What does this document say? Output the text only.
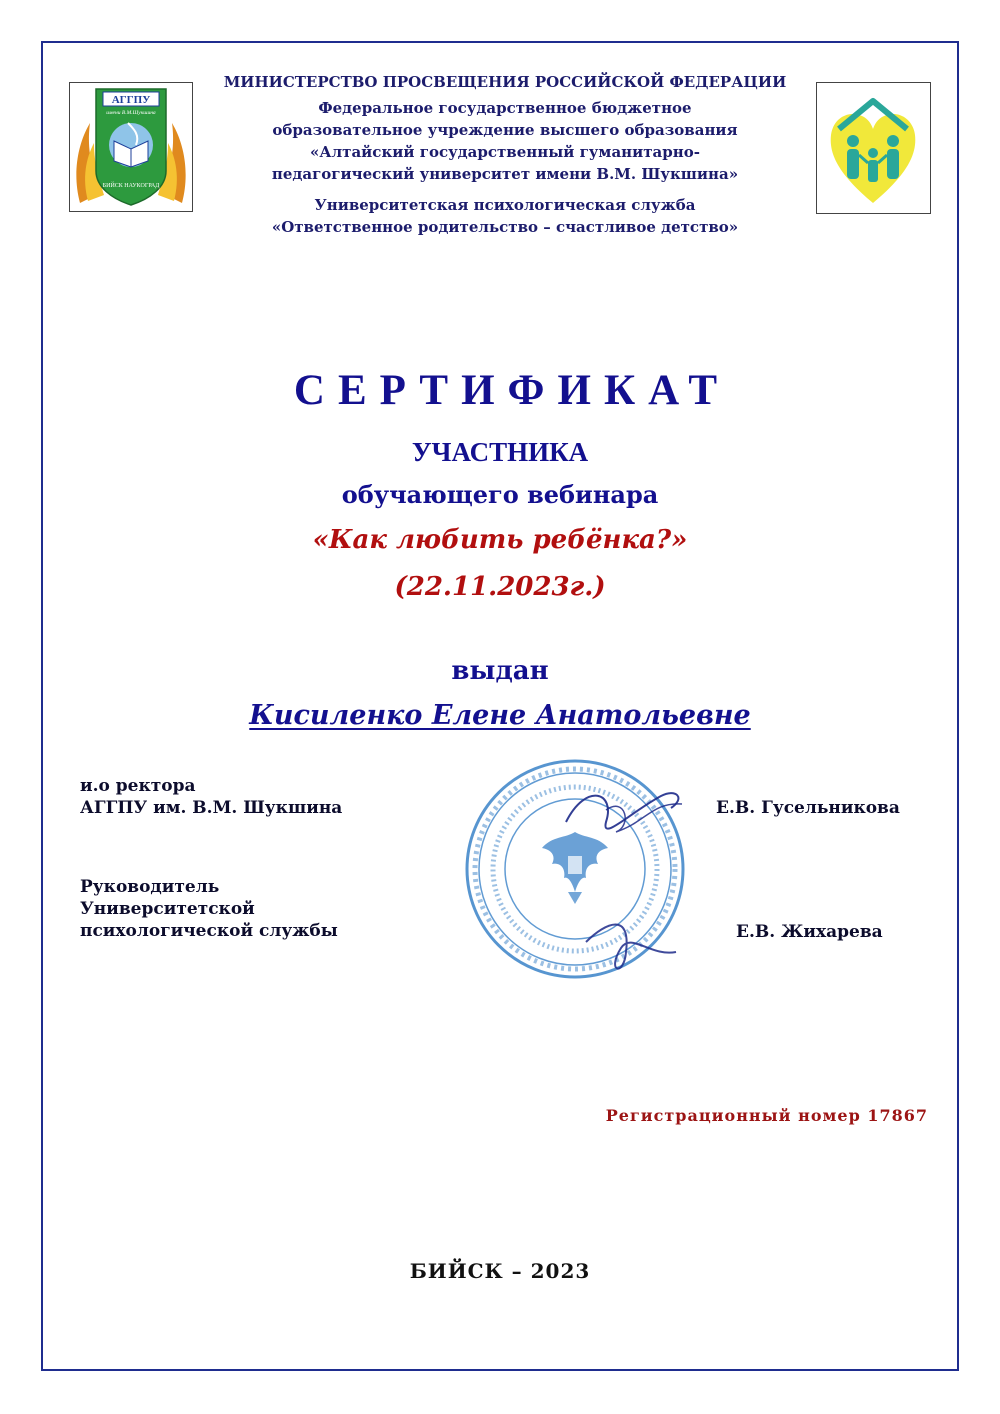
АГГПУ
имени В.М.Шукшина
БИЙСК НАУКОГРАД
МИНИСТЕРСТВО ПРОСВЕЩЕНИЯ РОССИЙСКОЙ ФЕДЕРАЦИИ
Федеральное государственное бюджетное
образовательное учреждение высшего образования
«Алтайский государственный гуманитарно-
педагогический университет имени В.М. Шукшина»
Университетская психологическая служба
«Ответственное родительство – счастливое детство»
СЕРТИФИКАТ
УЧАСТНИКА
обучающего вебинара
«Как любить ребёнка?»
(22.11.2023г.)
выдан
Кисиленко Елене Анатольевне
и.о ректора
АГГПУ им. В.М. Шукшина	Е.В. Гусельникова
Руководитель
Университетской
психологической службы	Е.В. Жихарева
Регистрационный номер 17867
БИЙСК – 2023
